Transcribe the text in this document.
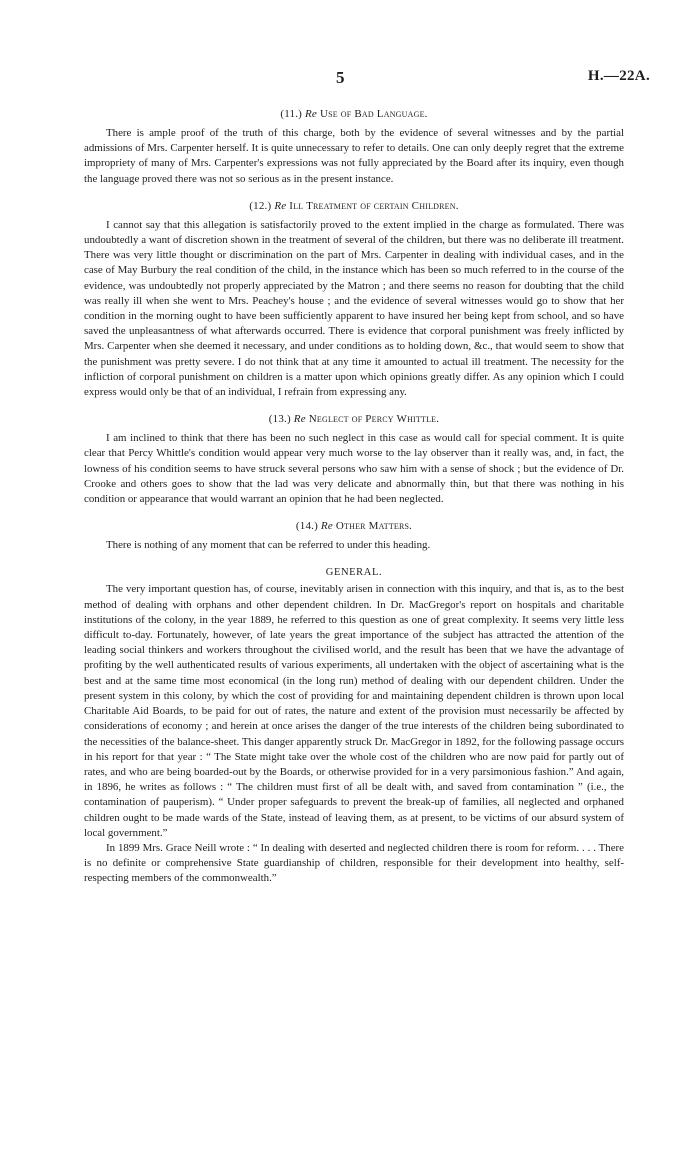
5	H.—22A.
(11.) Re Use of Bad Language.

There is ample proof of the truth of this charge, both by the evidence of several witnesses and by the partial admissions of Mrs. Carpenter herself. It is quite unnecessary to refer to details. One can only deeply regret that the extreme impropriety of many of Mrs. Carpenter's expressions was not fully appreciated by the Board after its inquiry, even though the language proved there was not so serious as in the present instance.

(12.) Re Ill Treatment of certain Children.

I cannot say that this allegation is satisfactorily proved to the extent implied in the charge as formulated. There was undoubtedly a want of discretion shown in the treatment of several of the children, but there was no deliberate ill treatment. There was very little thought or discrimination on the part of Mrs. Carpenter in dealing with individual cases, and in the case of May Burbury the real condition of the child, in the instance which has been so much referred to in the course of the evidence, was undoubtedly not properly appreciated by the Matron ; and there seems no reason for doubting that the child was really ill when she went to Mrs. Peachey's house ; and the evidence of several witnesses would go to show that her condition in the morning ought to have been sufficiently apparent to have insured her being kept from school, and so have saved the unpleasantness of what afterwards occurred. There is evidence that corporal punishment was freely inflicted by Mrs. Carpenter when she deemed it necessary, and under conditions as to holding down, &c., that would seem to show that the punishment was pretty severe. I do not think that at any time it amounted to actual ill treatment. The necessity for the infliction of corporal punishment on children is a matter upon which opinions greatly differ. As any opinion which I could express would only be that of an individual, I refrain from expressing any.

(13.) Re Neglect of Percy Whittle.

I am inclined to think that there has been no such neglect in this case as would call for special comment. It is quite clear that Percy Whittle's condition would appear very much worse to the lay observer than it really was, and, in fact, the lowness of his condition seems to have struck several persons who saw him with a sense of shock ; but the evidence of Dr. Crooke and others goes to show that the lad was very delicate and abnormally thin, but that there was nothing in his condition or appearance that would warrant an opinion that he had been neglected.

(14.) Re Other Matters.

There is nothing of any moment that can be referred to under this heading.

GENERAL.

The very important question has, of course, inevitably arisen in connection with this inquiry, and that is, as to the best method of dealing with orphans and other dependent children. In Dr. MacGregor's report on hospitals and charitable institutions of the colony, in the year 1889, he referred to this question as one of great complexity. It seems very little less difficult to-day. Fortunately, however, of late years the great importance of the subject has attracted the attention of the leading social thinkers and workers throughout the civilised world, and the result has been that we have the advantage of profiting by the well authenticated results of various experiments, all undertaken with the object of ascertaining what is the best and at the same time most economical (in the long run) method of dealing with our dependent children. Under the present system in this colony, by which the cost of providing for and maintaining dependent children is thrown upon local Charitable Aid Boards, to be paid for out of rates, the nature and extent of the provision must necessarily be affected by considerations of economy ; and herein at once arises the danger of the true interests of the children being subordinated to the necessities of the balance-sheet. This danger apparently struck Dr. MacGregor in 1892, for the following passage occurs in his report for that year : “ The State might take over the whole cost of the children who are now paid for partly out of rates, and who are being boarded-out by the Boards, or otherwise provided for in a very parsimonious fashion.” And again, in 1896, he writes as follows : “ The children must first of all be dealt with, and saved from contamination ” (i.e., the contamination of pauperism). “ Under proper safeguards to prevent the break-up of families, all neglected and orphaned children ought to be made wards of the State, instead of leaving them, as at present, to be victims of our absurd system of local government.”

In 1899 Mrs. Grace Neill wrote : “ In dealing with deserted and neglected children there is room for reform. . . . There is no definite or comprehensive State guardianship of children, responsible for their development into healthy, self-respecting members of the commonwealth.”
